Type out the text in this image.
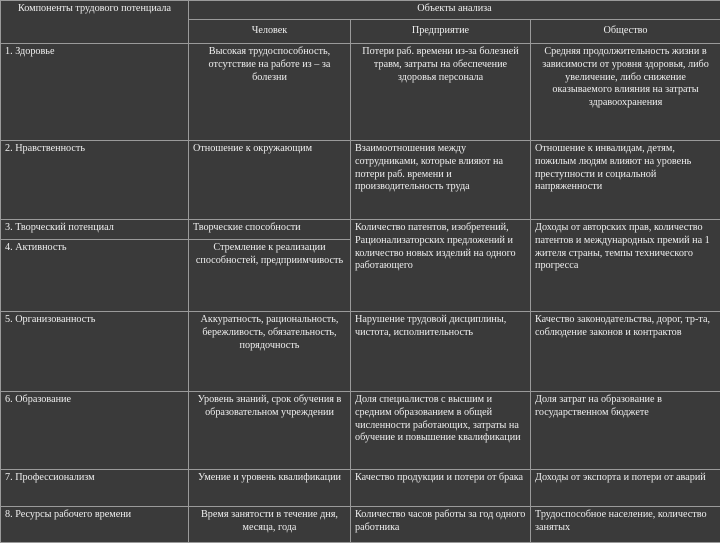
Компоненты трудового потенциала	Объекты анализа		
	Человек	Предприятие	Общество
1. Здоровье	Высокая трудоспособность, отсутствие на работе из – за болезни	Потери раб. времени из-за болезней травм, затраты на обеспечение здоровья персонала	Средняя продолжительность жизни в зависимости от уровня здоровья, либо увеличение, либо снижение оказываемого влияния на затраты здравоохранения
2. Нравственность	Отношение к окружающим	Взаимоотношения между сотрудниками, которые влияют на потери раб. времени и производительность труда	Отношение к инвалидам, детям, пожилым людям влияют на уровень преступности и социальной напряженности
3. Творческий потенциал	Творческие способности	Количество патентов, изобретений, Рационализаторских предложений и количество новых изделий на одного работающего	Доходы от авторских прав, количество патентов и международных премий на 1 жителя страны, темпы технического прогресса
4. Активность	Стремление к реализации способностей, предприимчивость		
5. Организованность	Аккуратность, рациональность, бережливость, обязательность, порядочность	Нарушение трудовой дисциплины, чистота, исполнительность	Качество законодательства, дорог, тр-та, соблюдение законов и контрактов
6. Образование	Уровень знаний, срок обучения в образовательном учреждении	Доля специалистов с высшим и средним образованием в общей численности работающих, затраты на обучение и повышение квалификации	Доля затрат на образование в государственном бюджете
7. Профессионализм	Умение и уровень квалификации	Качество продукции и потери от брака	Доходы от экспорта и потери от аварий
8. Ресурсы рабочего времени	Время занятости в течение дня, месяца, года	Количество часов работы за год одного работника	Трудоспособное население, количество занятых
